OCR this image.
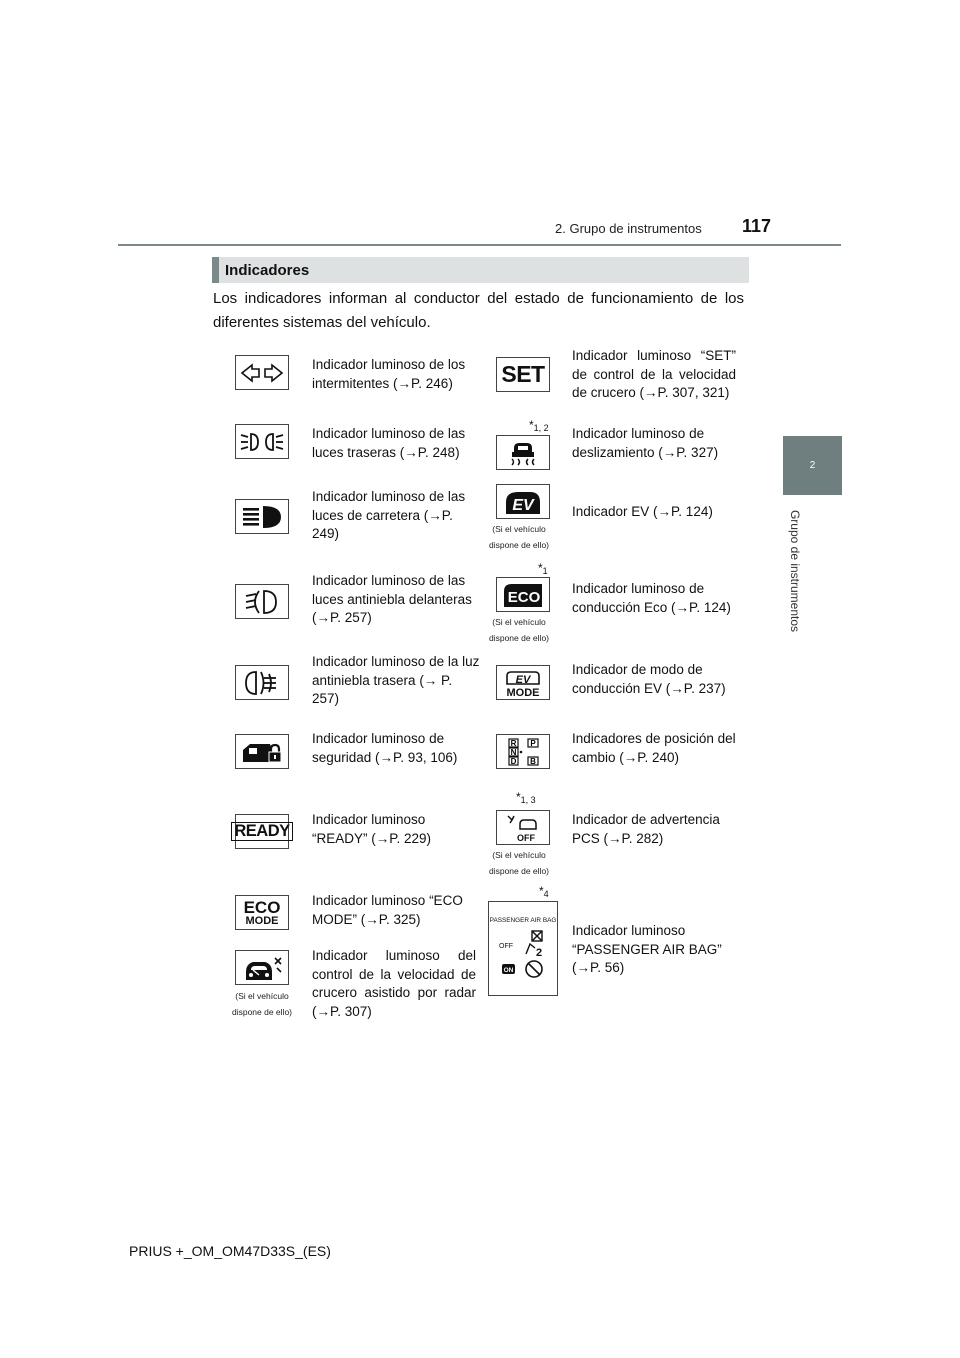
2. Grupo de instrumentos 117
2
Grupo de instrumentos
Indicadores
Los indicadores informan al conductor del estado de funcionamiento de los diferentes sistemas del vehículo.
Indicador luminoso de los intermitentes (→P. 246)
Indicador luminoso de las luces traseras (→P. 248)
Indicador luminoso de las luces de carretera (→P. 249)
Indicador luminoso de las luces antiniebla delanteras (→P. 257)
Indicador luminoso de la luz antiniebla trasera (→ P. 257)
Indicador luminoso de seguridad (→P. 93, 106)
READY
Indicador luminoso “READY” (→P. 229)
ECO
MODE
Indicador luminoso “ECO MODE” (→P. 325)
(Si el vehículo dispone de ello)
Indicador luminoso del control de la velocidad de crucero asistido por radar (→P. 307)
SET
Indicador luminoso “SET” de control de la velocidad de crucero (→P. 307, 321)
$*_{1, 2}$ Indicador luminoso de deslizamiento (→P. 327)
EV
(Si el vehículo dispone de ello)
Indicador EV (→P. 124)
$*_1$
ECO
(Si el vehículo dispone de ello)
Indicador luminoso de conducción Eco (→P. 124)
EV
MODE
Indicador de modo de conducción EV (→P. 237)
R P
N
D B
Indicadores de posición del cambio (→P. 240)
$*_{1, 3}$
OFF
(Si el vehículo dispone de ello)
Indicador de advertencia PCS (→P. 282)
$*_4$
PASSENGER AIR BAG
OFF
2
ON
Indicador luminoso “PASSENGER AIR BAG” (→P. 56)
PRIUS +_OM_OM47D33S_(ES)
